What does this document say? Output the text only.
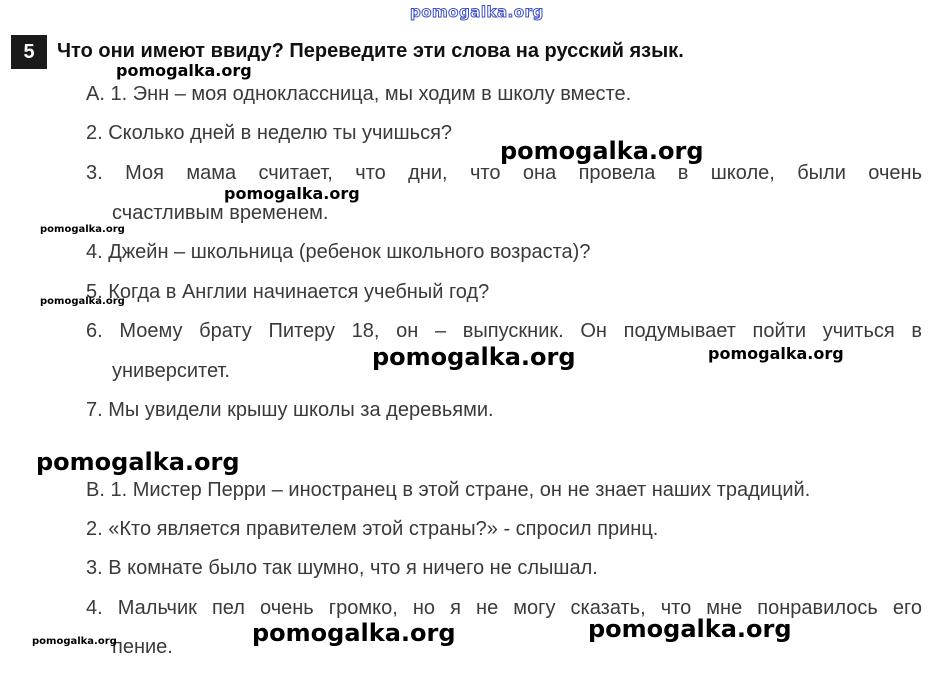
pomogalka.org
5	Что они имеют ввиду? Переведите эти слова на русский язык.
A. 1. Энн – моя одноклассница, мы ходим в школу вместе.
2. Сколько дней в неделю ты учишься?
3. Моя мама считает, что дни, что она провела в школе, были очень
счастливым временем.
4. Джейн – школьница (ребенок школьного возраста)?
5. Когда в Англии начинается учебный год?
6. Моему брату Питеру 18, он – выпускник. Он подумывает пойти учиться в
университет.
7. Мы увидели крышу школы за деревьями.
B. 1. Мистер Перри – иностранец в этой стране, он не знает наших традиций.
2. «Кто является правителем этой страны?» - спросил принц.
3. В комнате было так шумно, что я ничего не слышал.
4. Мальчик пел очень громко, но я не могу сказать, что мне понравилось его
пение.
pomogalka.org
pomogalka.org
pomogalka.org
pomogalka.org
pomogalka.org
pomogalka.org	pomogalka.org
pomogalka.org
pomogalka.org	pomogalka.org	pomogalka.org
